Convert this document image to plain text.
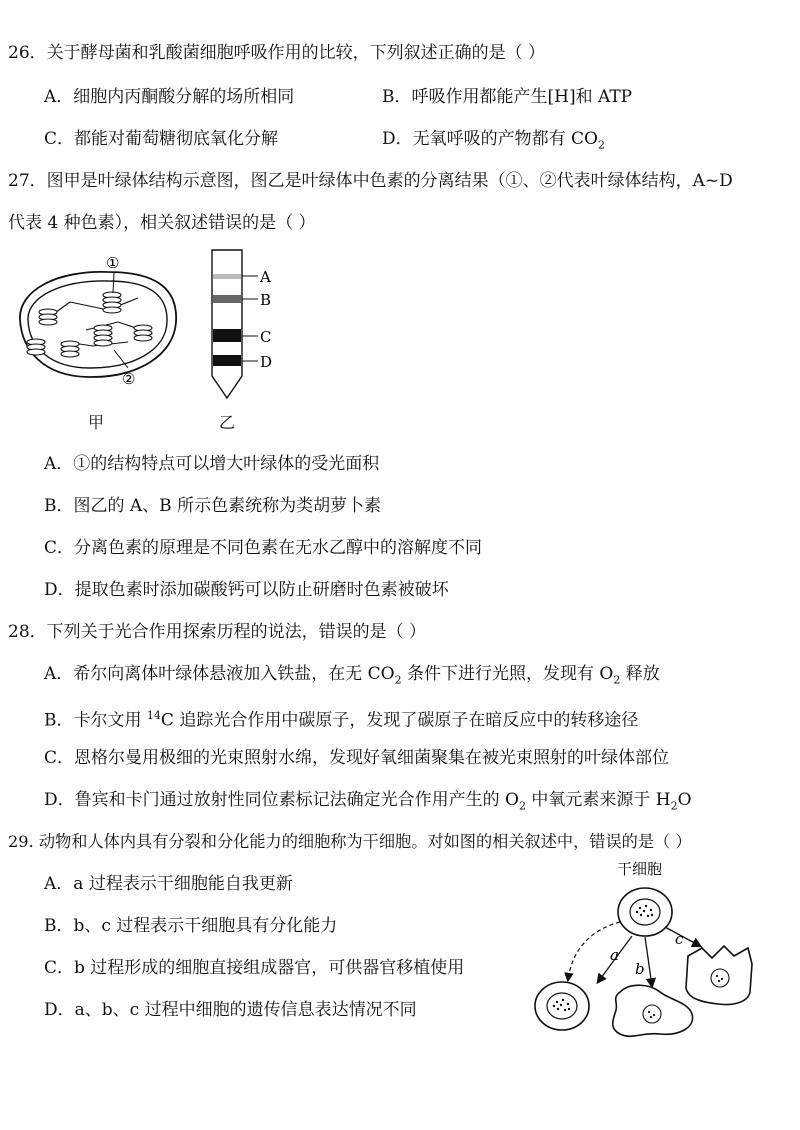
26．关于酵母菌和乳酸菌细胞呼吸作用的比较，下列叙述正确的是（ ）
A．细胞内丙酮酸分解的场所相同	B．呼吸作用都能产生[H]和 ATP
C．都能对葡萄糖彻底氧化分解	D．无氧呼吸的产物都有 $CO_2$
27．图甲是叶绿体结构示意图，图乙是叶绿体中色素的分离结果（①、②代表叶绿体结构，A~D
代表 4 种色素），相关叙述错误的是（ ）
①
②
甲
A
B
C
D
乙
A．①的结构特点可以增大叶绿体的受光面积
B．图乙的 A、B 所示色素统称为类胡萝卜素
C．分离色素的原理是不同色素在无水乙醇中的溶解度不同
D．提取色素时添加碳酸钙可以防止研磨时色素被破坏
28．下列关于光合作用探索历程的说法，错误的是（ ）
A．希尔向离体叶绿体悬液加入铁盐，在无 $CO_2$ 条件下进行光照，发现有 $O_2$ 释放
B．卡尔文用 $^{14}$C 追踪光合作用中碳原子，发现了碳原子在暗反应中的转移途径
C．恩格尔曼用极细的光束照射水绵，发现好氧细菌聚集在被光束照射的叶绿体部位
D．鲁宾和卡门通过放射性同位素标记法确定光合作用产生的 $O_2$ 中氧元素来源于 $H_2O$
29. 动物和人体内具有分裂和分化能力的细胞称为干细胞。对如图的相关叙述中，错误的是（ ）
A．a 过程表示干细胞能自我更新
B．b、c 过程表示干细胞具有分化能力
C．b 过程形成的细胞直接组成器官，可供器官移植使用
D．a、b、c 过程中细胞的遗传信息表达情况不同
干细胞
a
b
c
